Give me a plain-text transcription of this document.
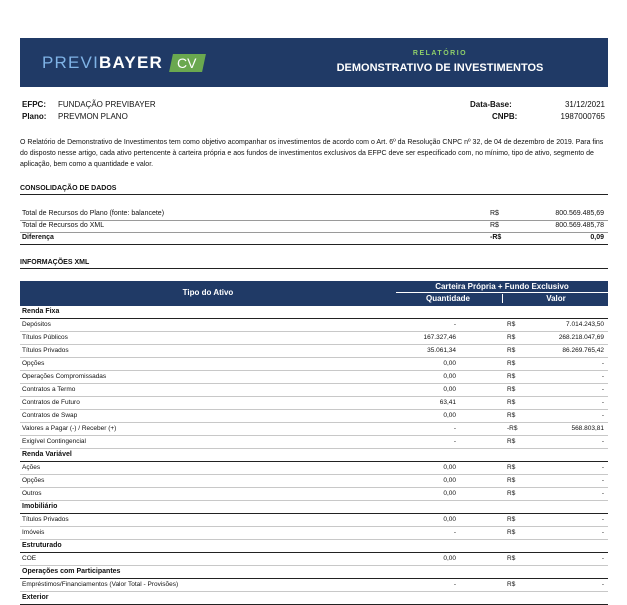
PREVI BAYER	CV
RELATÓRIO
DEMONSTRATIVO DE INVESTIMENTOS
EFPC: FUNDAÇÃO PREVIBAYER
Plano: PREVMON PLANO
Data-Base:	31/12/2021
CNPB:	1987000765
O Relatório de Demonstrativo de Investimentos tem como objetivo acompanhar os investimentos de acordo com o Art. 6º da Resolução CNPC nº 32, de 04 de dezembro de 2019. Para fins do disposto nesse artigo, cada ativo pertencente à carteira própria e aos fundos de investimentos exclusivos da EFPC deve ser especificado com, no mínimo, tipo de ativo, segmento de aplicação, bem como a quantidade e valor.
CONSOLIDAÇÃO DE DADOS
Total de Recursos do Plano (fonte: balancete)	R$	800.569.485,69
Total de Recursos do XML	R$	800.569.485,78
Diferença	-R$	0,09
INFORMAÇÕES XML
Tipo do Ativo
Carteira Própria + Fundo Exclusivo
Quantidade	Valor
Renda Fixa
Depósitos	-	R$	7.014.243,50
Títulos Públicos	167.327,46	R$	268.218.047,69
Títulos Privados	35.061,34	R$	86.269.765,42
Opções	0,00	R$	-
Operações Compromissadas	0,00	R$	-
Contratos a Termo	0,00	R$	-
Contratos de Futuro	63,41	R$	-
Contratos de Swap	0,00	R$	-
Valores a Pagar (-) / Receber (+)	-	-R$	568.803,81
Exigível Contingencial	-	R$	-
Renda Variável
Ações	0,00	R$	-
Opções	0,00	R$	-
Outros	0,00	R$	-
Imobiliário
Títulos Privados	0,00	R$	-
Imóveis	-	R$	-
Estruturado
COE	0,00	R$	-
Operações com Participantes
Empréstimos/Financiamentos (Valor Total - Provisões)	-	R$	-
Exterior
